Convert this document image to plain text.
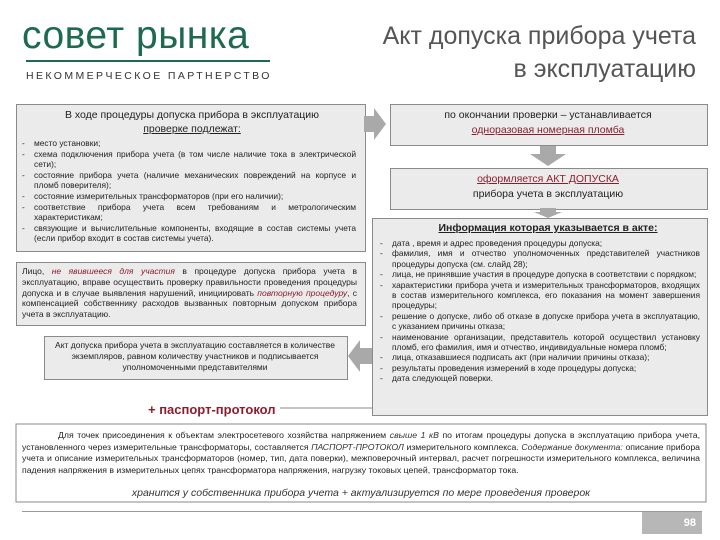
совет рынка
НЕКОММЕРЧЕСКОЕ ПАРТНЕРСТВО
Акт допуска прибора учета
в эксплуатацию
В ходе процедуры допуска прибора в эксплуатацию
проверке подлежат:
- место установки;
- схема подключения прибора учета (в том числе наличие тока в электрической сети);
- состояние прибора учета (наличие механических повреждений на корпусе и пломб поверителя);
- состояние измерительных трансформаторов (при его наличии);
- соответствие прибора учета всем требованиям и метрологическим характеристикам;
- связующие и вычислительные компоненты, входящие в состав системы учета (если прибор входит в состав системы учета).
Лицо, не явившееся для участия в процедуре допуска прибора учета в эксплуатацию, вправе осуществить проверку правильности проведения процедуры допуска и в случае выявления нарушений, инициировать повторную процедуру, с компенсацией собственнику расходов вызванных повторным допуском прибора учета в эксплуатацию.
Акт допуска прибора учета в эксплуатацию составляется в количестве экземпляров, равном количеству участников и подписывается уполномоченными представителями
+ паспорт-протокол
по окончании проверки – устанавливается
одноразовая номерная пломба
оформляется АКТ ДОПУСКА
прибора учета в эксплуатацию
Информация которая указывается в акте:
- дата , время и адрес проведения процедуры допуска;
- фамилия, имя и отчество уполномоченных представителей участников процедуры допуска (см. слайд 28);
- лица, не принявшие участия в процедуре допуска в соответствии с порядком;
- характеристики прибора учета и измерительных трансформаторов, входящих в состав измерительного комплекса, его показания на момент завершения процедуры;
- решение о допуске, либо об отказе в допуске прибора учета в эксплуатацию, с указанием причины отказа;
- наименование организации, представитель которой осуществил установку пломб, его фамилия, имя и отчество, индивидуальные номера пломб;
- лица, отказавшиеся подписать акт (при наличии причины отказа);
- результаты проведения измерений в ходе процедуры допуска;
- дата следующей поверки.
Для точек присоединения к объектам электросетевого хозяйства напряжением свыше 1 кВ по итогам процедуры допуска в эксплуатацию прибора учета, установленного через измерительные трансформаторы, составляется ПАСПОРТ-ПРОТОКОЛ измерительного комплекса. Содержание документа: описание прибора учета и описание измерительных трансформаторов (номер, тип, дата поверки), межповерочный интервал, расчет погрешности измерительного комплекса, величина падения напряжения в измерительных цепях трансформатора напряжения, нагрузку токовых цепей, трансформатор тока.
хранится у собственника прибора учета + актуализируется по мере проведения проверок
98
